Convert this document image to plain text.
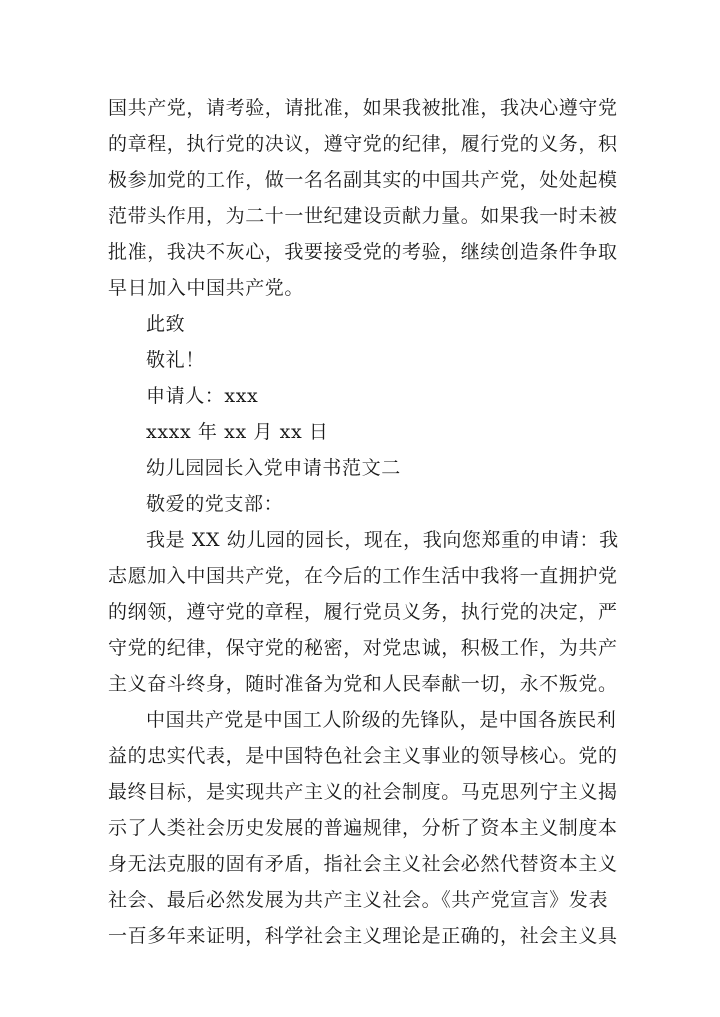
国共产党，请考验，请批准，如果我被批准，我决心遵守党
的章程，执行党的决议，遵守党的纪律，履行党的义务，积
极参加党的工作，做一名名副其实的中国共产党，处处起模
范带头作用，为二十一世纪建设贡献力量。如果我一时未被
批准，我决不灰心，我要接受党的考验，继续创造条件争取
早日加入中国共产党。
此致
敬礼！
申请人：xxx
xxxx 年 xx 月 xx 日
幼儿园园长入党申请书范文二
敬爱的党支部：
我是 XX 幼儿园的园长，现在，我向您郑重的申请：我
志愿加入中国共产党，在今后的工作生活中我将一直拥护党
的纲领，遵守党的章程，履行党员义务，执行党的决定，严
守党的纪律，保守党的秘密，对党忠诚，积极工作，为共产
主义奋斗终身，随时准备为党和人民奉献一切，永不叛党。
中国共产党是中国工人阶级的先锋队，是中国各族民利
益的忠实代表，是中国特色社会主义事业的领导核心。党的
最终目标，是实现共产主义的社会制度。马克思列宁主义揭
示了人类社会历史发展的普遍规律，分析了资本主义制度本
身无法克服的固有矛盾，指社会主义社会必然代替资本主义
社会、最后必然发展为共产主义社会。《共产党宣言》发表
一百多年来证明，科学社会主义理论是正确的，社会主义具
